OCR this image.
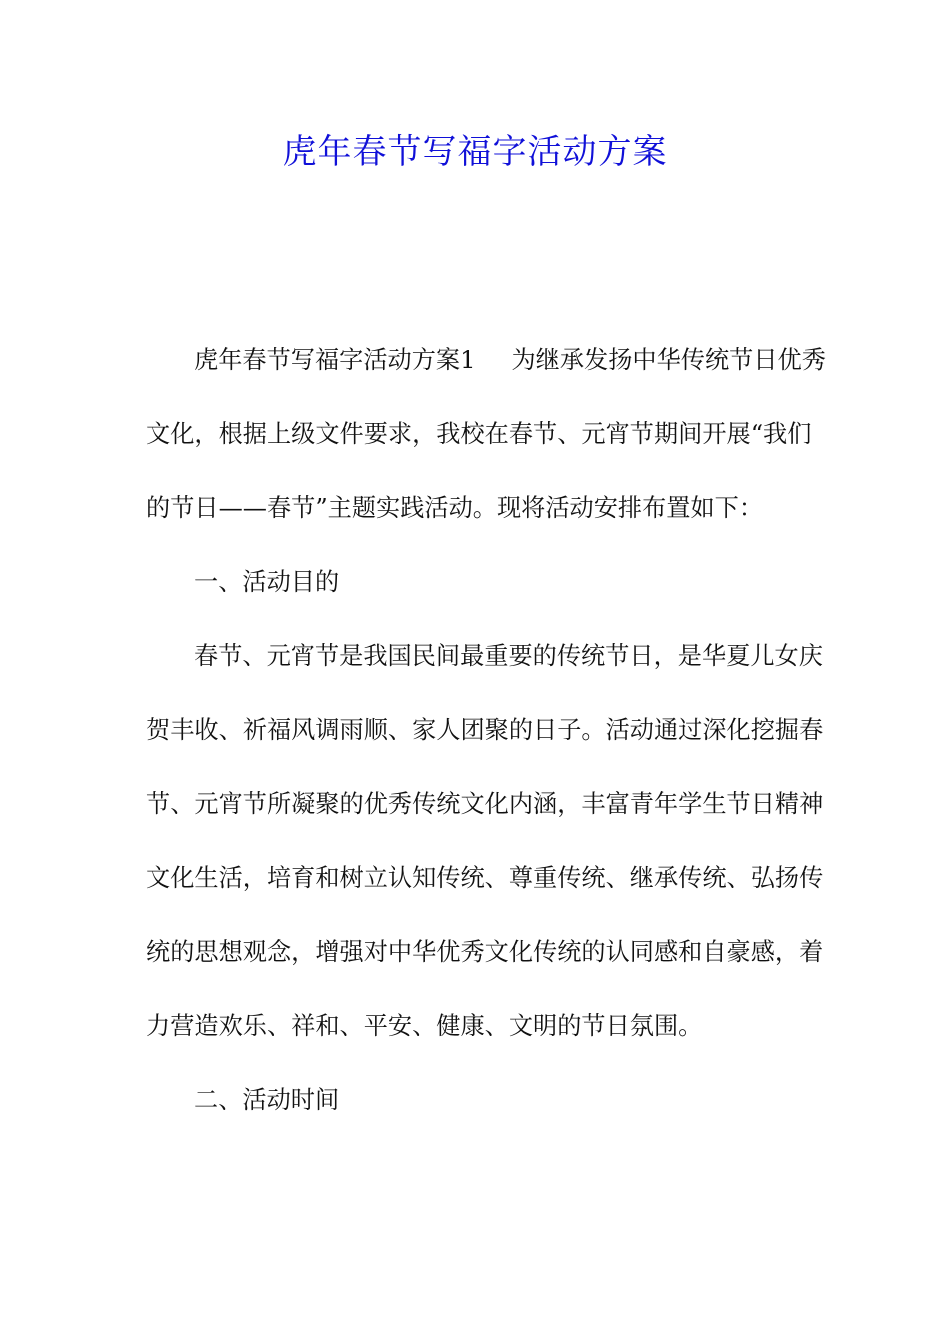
虎年春节写福字活动方案

虎年春节写福字活动方案1 为继承发扬中华传统节日优秀文化，根据上级文件要求，我校在春节、元宵节期间开展“我们的节日——春节”主题实践活动。现将活动安排布置如下：

一、活动目的

春节、元宵节是我国民间最重要的传统节日，是华夏儿女庆贺丰收、祈福风调雨顺、家人团聚的日子。活动通过深化挖掘春节、元宵节所凝聚的优秀传统文化内涵，丰富青年学生节日精神文化生活，培育和树立认知传统、尊重传统、继承传统、弘扬传统的思想观念，增强对中华优秀文化传统的认同感和自豪感，着力营造欢乐、祥和、平安、健康、文明的节日氛围。

二、活动时间
